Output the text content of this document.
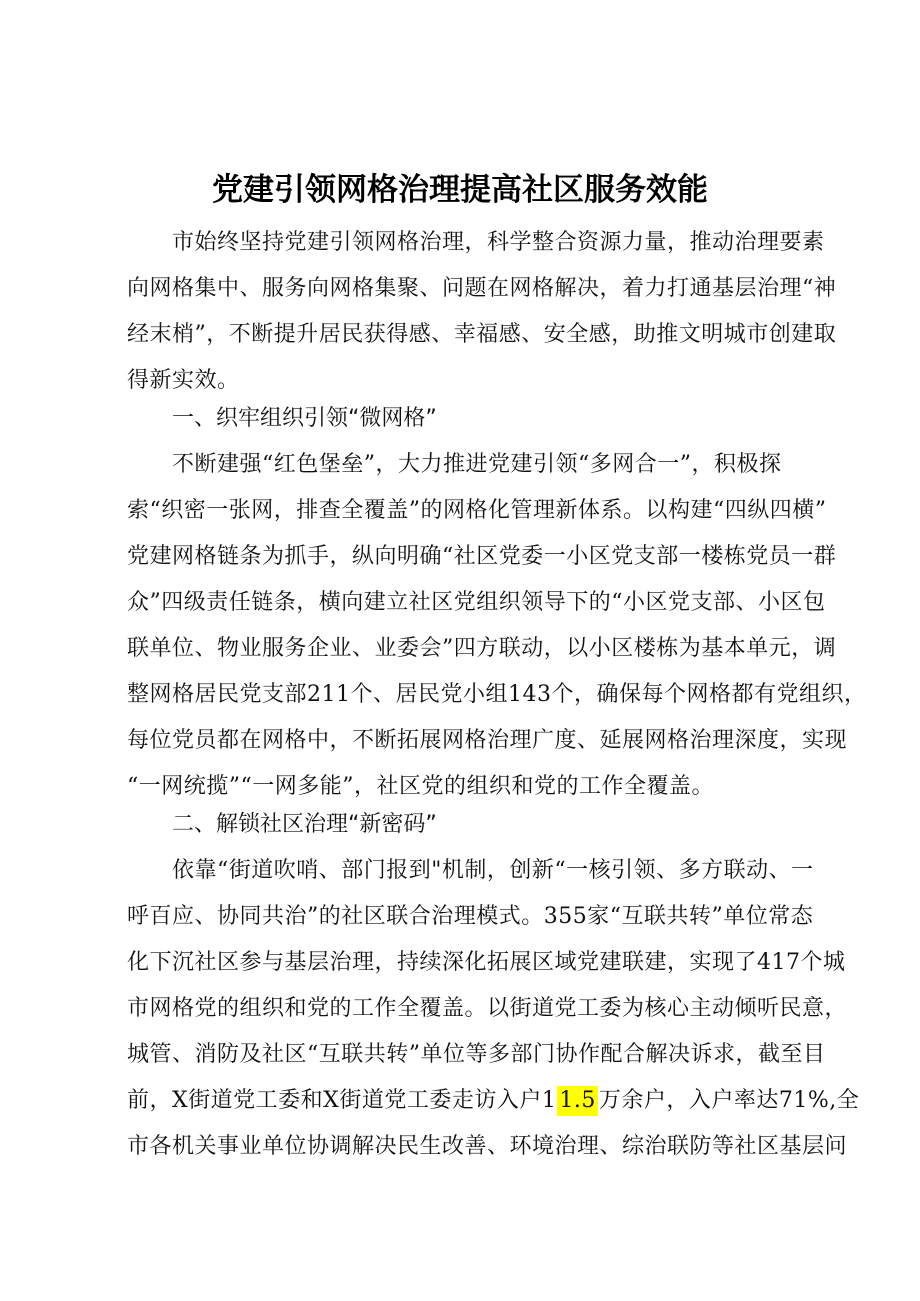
党建引领网格治理提高社区服务效能
市始终坚持党建引领网格治理，科学整合资源力量，推动治理要素
向网格集中、服务向网格集聚、问题在网格解决，着力打通基层治理“神
经末梢”，不断提升居民获得感、幸福感、安全感，助推文明城市创建取
得新实效。
一、织牢组织引领“微网格”
不断建强“红色堡垒”，大力推进党建引领“多网合一”，积极探
索“织密一张网，排查全覆盖”的网格化管理新体系。以构建“四纵四横”
党建网格链条为抓手，纵向明确“社区党委一小区党支部一楼栋党员一群
众”四级责任链条，横向建立社区党组织领导下的“小区党支部、小区包
联单位、物业服务企业、业委会”四方联动，以小区楼栋为基本单元，调
整网格居民党支部211个、居民党小组143个，确保每个网格都有党组织，
每位党员都在网格中，不断拓展网格治理广度、延展网格治理深度，实现
“一网统揽”“一网多能”，社区党的组织和党的工作全覆盖。
二、解锁社区治理“新密码”
依靠“街道吹哨、部门报到"机制，创新“一核引领、多方联动、一
呼百应、协同共治”的社区联合治理模式。355家“互联共转”单位常态
化下沉社区参与基层治理，持续深化拓展区域党建联建，实现了417个城
市网格党的组织和党的工作全覆盖。以街道党工委为核心主动倾听民意，
城管、消防及社区“互联共转”单位等多部门协作配合解决诉求，截至目
前，X街道党工委和X街道党工委走访入户1 1.5 万余户，入户率达71%,全
市各机关事业单位协调解决民生改善、环境治理、综治联防等社区基层问
